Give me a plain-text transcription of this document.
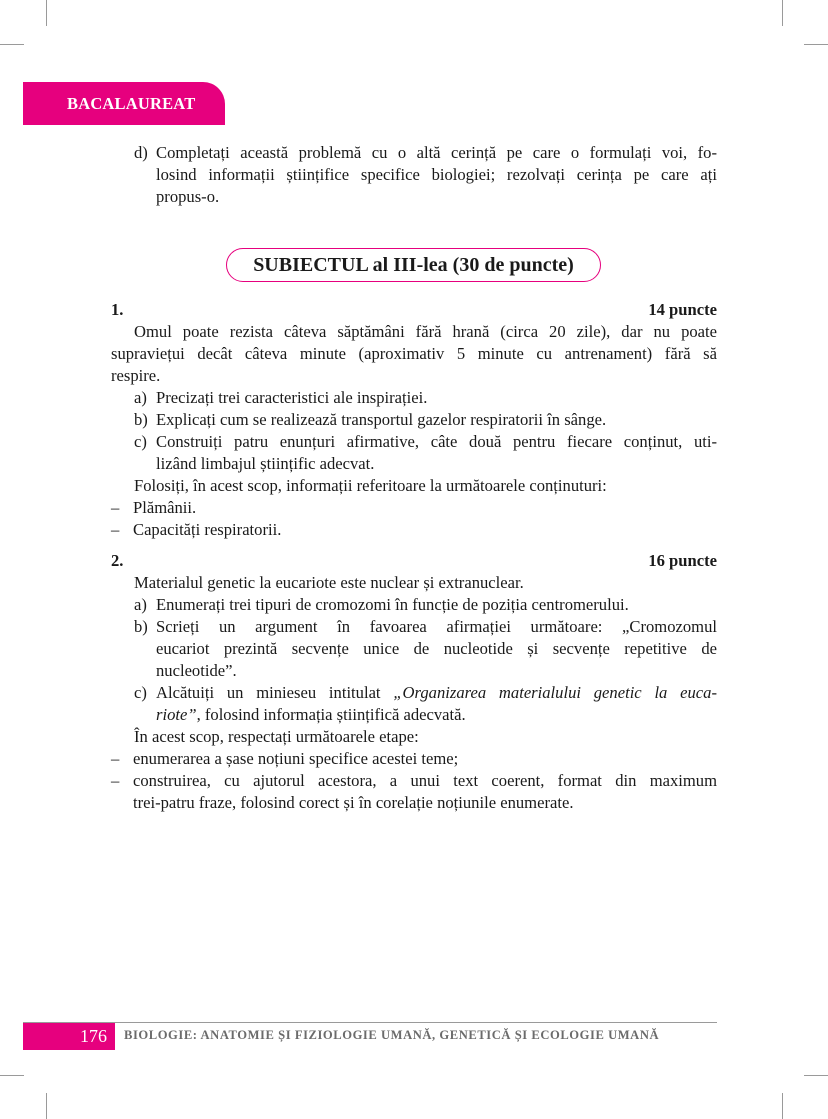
BACALAUREAT
d) Completați această problemă cu o altă cerință pe care o formulați voi, fo-
losind informații științifice specifice biologiei; rezolvați cerința pe care ați
propus-o.
SUBIECTUL al III-lea (30 de puncte)
1.	14 puncte
Omul poate rezista câteva săptămâni fără hrană (circa 20 zile), dar nu poate
supraviețui decât câteva minute (aproximativ 5 minute cu antrenament) fără să
respire.
a) Precizați trei caracteristici ale inspirației.
b) Explicați cum se realizează transportul gazelor respiratorii în sânge.
c) Construiți patru enunțuri afirmative, câte două pentru fiecare conținut, uti-
lizând limbajul științific adecvat.
Folosiți, în acest scop, informații referitoare la următoarele conținuturi:
– Plămânii.
– Capacități respiratorii.
2.	16 puncte
Materialul genetic la eucariote este nuclear și extranuclear.
a) Enumerați trei tipuri de cromozomi în funcție de poziția centromerului.
b) Scrieți un argument în favoarea afirmației următoare: „Cromozomul
eucariot prezintă secvențe unice de nucleotide și secvențe repetitive de
nucleotide”.
c) Alcătuiți un minieseu intitulat „Organizarea materialului genetic la euca-
riote”, folosind informația științifică adecvată.
În acest scop, respectați următoarele etape:
– enumerarea a șase noțiuni specifice acestei teme;
– construirea, cu ajutorul acestora, a unui text coerent, format din maximum
trei-patru fraze, folosind corect și în corelație noțiunile enumerate.
176 BIOLOGIE: ANATOMIE ȘI FIZIOLOGIE UMANĂ, GENETICĂ ȘI ECOLOGIE UMANĂ
